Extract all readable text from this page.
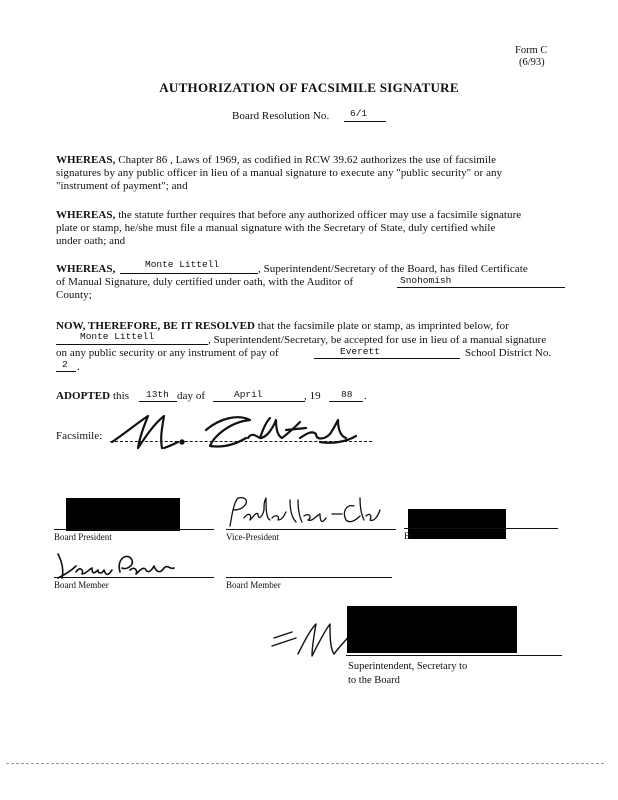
Form C
(6/93)
AUTHORIZATION OF FACSIMILE SIGNATURE
Board Resolution No. 6/1
WHEREAS, Chapter 86 , Laws of 1969, as codified in RCW 39.62 authorizes the use of facsimile
signatures by any public officer in lieu of a manual signature to execute any "public security" or any
"instrument of payment"; and
WHEREAS, the statute further requires that before any authorized officer may use a facsimile signature
plate or stamp, he/she must file a manual signature with the Secretary of State, duly certified while
under oath; and
WHEREAS,	Monte Littell	, Superintendent/Secretary of the Board, has filed Certificate
of Manual Signature, duly certified under oath, with the Auditor of	Snohomish
County;
NOW, THEREFORE, BE IT RESOLVED that the facsimile plate or stamp, as imprinted below, for
Monte Littell	, Superintendent/Secretary, be accepted for use in lieu of a manual signature
on any public security or any instrument of pay of	Everett	School District No.
2 .
ADOPTED this 13th day of	April	, 19 88 .
Facsimile:
Board President	Vice-President	B
Board Member	Board Member
Superintendent, Secretary to
to the Board
